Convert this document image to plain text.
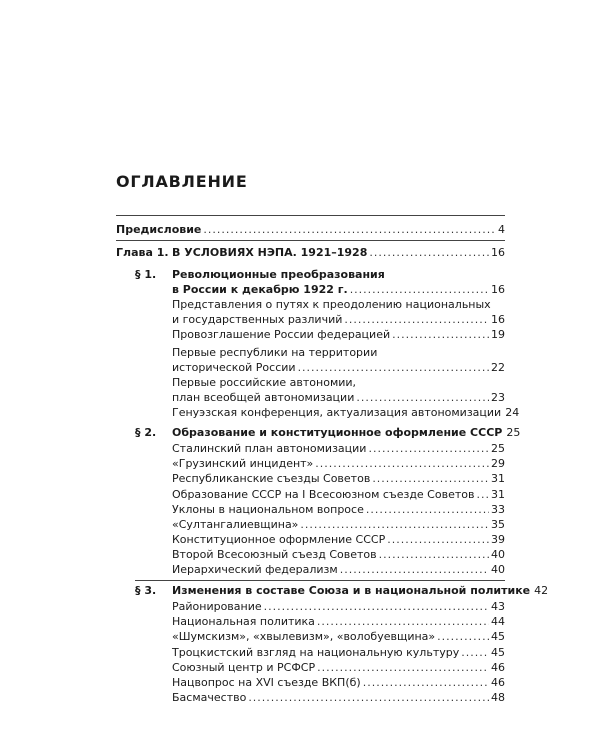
ОГЛАВЛЕНИЕ
Предисловие .....	4
Глава 1. В УСЛОВИЯХ НЭПА. 1921–1928 .....	16
§ 1. Революционные преобразования
в России к декабрю 1922 г. .....	16
Представления о путях к преодолению национальных
и государственных различий .....	16
Провозглашение России федерацией .....	19
Первые республики на территории
исторической России .....	22
Первые российские автономии,
план всеобщей автономизации .....	23
Генуэзская конференция, актуализация автономизации 24
§ 2.	Образование и конституционное оформление СССР 25
Сталинский план автономизации .....	25
«Грузинский инцидент» .....	29
Республиканские съезды Советов .....	31
Образование СССР на I Всесоюзном съезде Советов ..... 31
Уклоны в национальном вопросе .....	33
«Султангалиевщина» .....	35
Конституционное оформление СССР .....	39
Второй Всесоюзный съезд Советов .....	40
Иерархический федерализм .....	40
§ 3.	Изменения в составе Союза и в национальной политике 42
Районирование .....	43
Национальная политика .....	44
«Шумскизм», «хвылевизм», «волобуевщина» .....	45
Троцкистский взгляд на национальную культуру .....	45
Союзный центр и РСФСР .....	46
Нацвопрос на XVI съезде ВКП(б) .....	46
Басмачество .....	48
